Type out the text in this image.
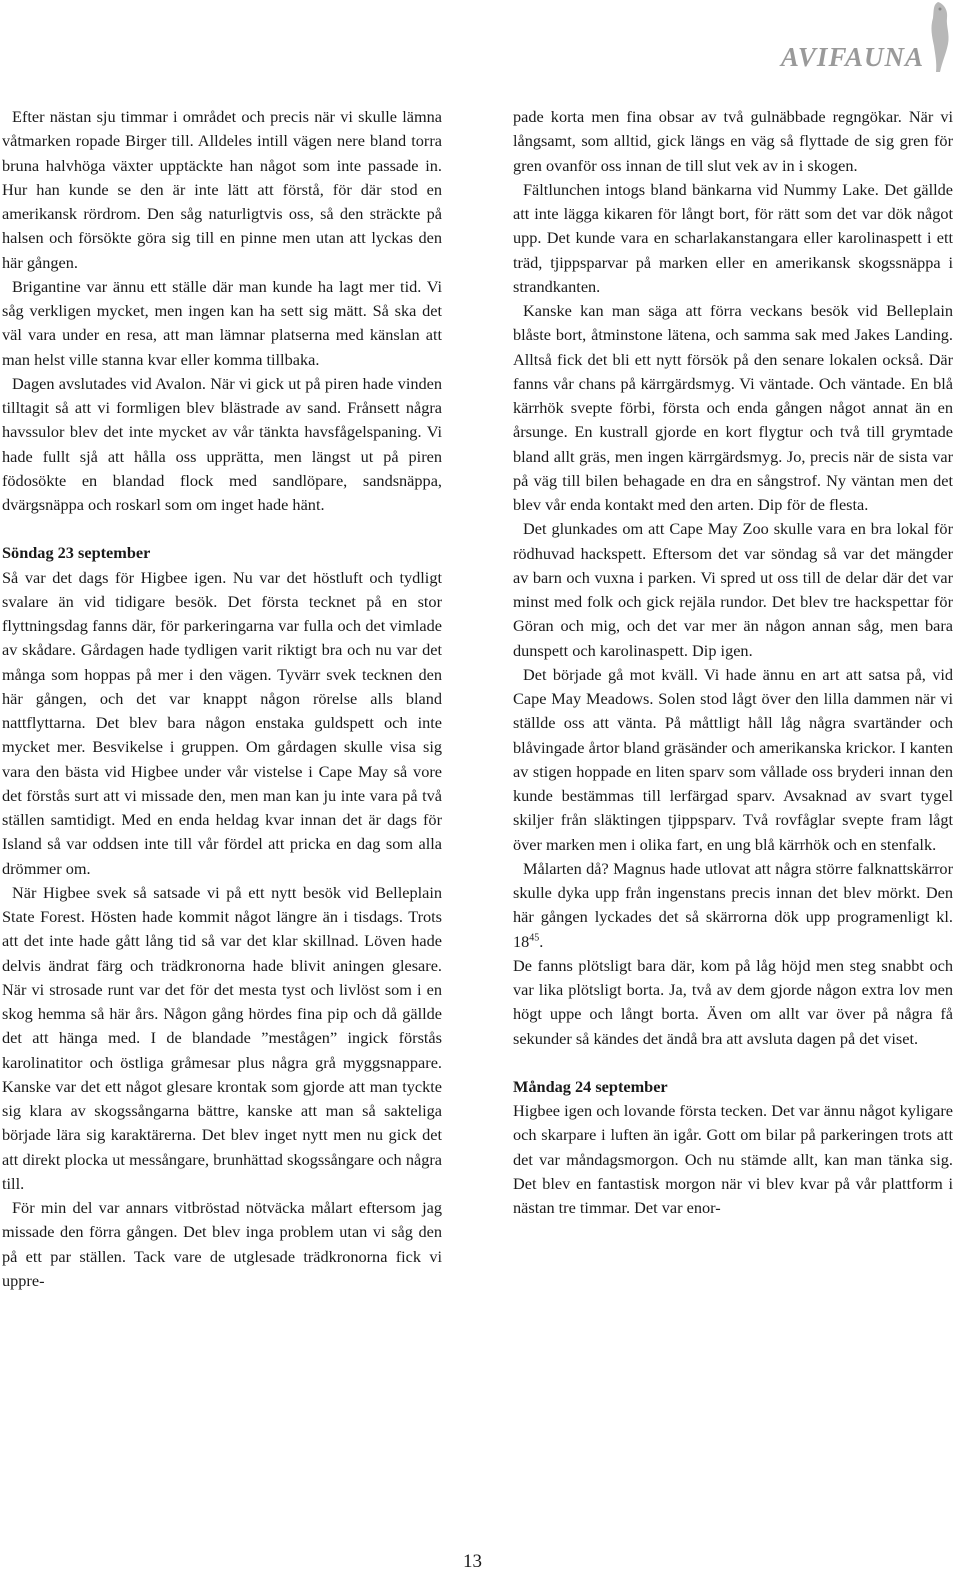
AVIFAUNA

Efter nästan sju timmar i området och precis när vi skulle lämna våtmarken ropade Birger till. Alldeles intill vägen nere bland torra bruna halvhöga växter upptäckte han något som inte passade in. Hur han kunde se den är inte lätt att förstå, för där stod en amerikansk rördrom. Den såg naturligtvis oss, så den sträckte på halsen och försökte göra sig till en pinne men utan att lyckas den här gången.

Brigantine var ännu ett ställe där man kunde ha lagt mer tid. Vi såg verkligen mycket, men ingen kan ha sett sig mätt. Så ska det väl vara under en resa, att man lämnar platserna med känslan att man helst ville stanna kvar eller komma tillbaka.

Dagen avslutades vid Avalon. När vi gick ut på piren hade vinden tilltagit så att vi formligen blev blästrade av sand. Frånsett några havssulor blev det inte mycket av vår tänkta havsfågelspaning. Vi hade fullt sjå att hålla oss upprätta, men längst ut på piren födosökte en blandad flock med sandlöpare, sandsnäppa, dvärgsnäppa och roskarl som om inget hade hänt.

Söndag 23 september

Så var det dags för Higbee igen. Nu var det höstluft och tydligt svalare än vid tidigare besök. Det första tecknet på en stor flyttningsdag fanns där, för parkeringarna var fulla och det vimlade av skådare. Gårdagen hade tydligen varit riktigt bra och nu var det många som hoppas på mer i den vägen. Tyvärr svek tecknen den här gången, och det var knappt någon rörelse alls bland nattflyttarna. Det blev bara någon enstaka guldspett och inte mycket mer. Besvikelse i gruppen. Om gårdagen skulle visa sig vara den bästa vid Higbee under vår vistelse i Cape May så vore det förstås surt att vi missade den, men man kan ju inte vara på två ställen samtidigt. Med en enda heldag kvar innan det är dags för Island så var oddsen inte till vår fördel att pricka en dag som alla drömmer om.

När Higbee svek så satsade vi på ett nytt besök vid Belleplain State Forest. Hösten hade kommit något längre än i tisdags. Trots att det inte hade gått lång tid så var det klar skillnad. Löven hade delvis ändrat färg och trädkronorna hade blivit aningen glesare. När vi strosade runt var det för det mesta tyst och livlöst som i en skog hemma så här års. Någon gång hördes fina pip och då gällde det att hänga med. I de blandade ”mestågen” ingick förstås karolinatitor och östliga gråmesar plus några grå myggsnappare. Kanske var det ett något glesare krontak som gjorde att man tyckte sig klara av skogssångarna bättre, kanske att man så sakteliga började lära sig karaktärerna. Det blev inget nytt men nu gick det att direkt plocka ut messångare, brunhättad skogssångare och några till.

För min del var annars vitbröstad nötväcka målart eftersom jag missade den förra gången. Det blev inga problem utan vi såg den på ett par ställen. Tack vare de utglesade trädkronorna fick vi uppre-

pade korta men fina obsar av två gulnäbbade regngökar. När vi långsamt, som alltid, gick längs en väg så flyttade de sig gren för gren ovanför oss innan de till slut vek av in i skogen.

Fältlunchen intogs bland bänkarna vid Nummy Lake. Det gällde att inte lägga kikaren för långt bort, för rätt som det var dök något upp. Det kunde vara en scharlakanstangara eller karolinaspett i ett träd, tjippsparvar på marken eller en amerikansk skogssnäppa i strandkanten.

Kanske kan man säga att förra veckans besök vid Belleplain blåste bort, åtminstone lätena, och samma sak med Jakes Landing. Alltså fick det bli ett nytt försök på den senare lokalen också. Där fanns vår chans på kärrgärdsmyg. Vi väntade. Och väntade. En blå kärrhök svepte förbi, första och enda gången något annat än en årsunge. En kustrall gjorde en kort flygtur och två till grymtade bland allt gräs, men ingen kärrgärdsmyg. Jo, precis när de sista var på väg till bilen behagade en dra en sångstrof. Ny väntan men det blev vår enda kontakt med den arten. Dip för de flesta.

Det glunkades om att Cape May Zoo skulle vara en bra lokal för rödhuvad hackspett. Eftersom det var söndag så var det mängder av barn och vuxna i parken. Vi spred ut oss till de delar där det var minst med folk och gick rejäla rundor. Det blev tre hackspettar för Göran och mig, och det var mer än någon annan såg, men bara dunspett och karolinaspett. Dip igen.

Det började gå mot kväll. Vi hade ännu en art att satsa på, vid Cape May Meadows. Solen stod lågt över den lilla dammen när vi ställde oss att vänta. På måttligt håll låg några svartänder och blåvingade årtor bland gräsänder och amerikanska krickor. I kanten av stigen hoppade en liten sparv som vållade oss bryderi innan den kunde bestämmas till lerfärgad sparv. Avsaknad av svart tygel skiljer från släktingen tjippsparv. Två rovfåglar svepte fram lågt över marken men i olika fart, en ung blå kärrhök och en stenfalk.

Målarten då? Magnus hade utlovat att några större falknattskärror skulle dyka upp från ingenstans precis innan det blev mörkt. Den här gången lyckades det så skärrorna dök upp programenligt kl. $18^{45}$.

De fanns plötsligt bara där, kom på låg höjd men steg snabbt och var lika plötsligt borta. Ja, två av dem gjorde någon extra lov men högt uppe och långt borta. Även om allt var över på några få sekunder så kändes det ändå bra att avsluta dagen på det viset.

Måndag 24 september

Higbee igen och lovande första tecken. Det var ännu något kyligare och skarpare i luften än igår. Gott om bilar på parkeringen trots att det var måndagsmorgon. Och nu stämde allt, kan man tänka sig. Det blev en fantastisk morgon när vi blev kvar på vår plattform i nästan tre timmar. Det var enor-

13
